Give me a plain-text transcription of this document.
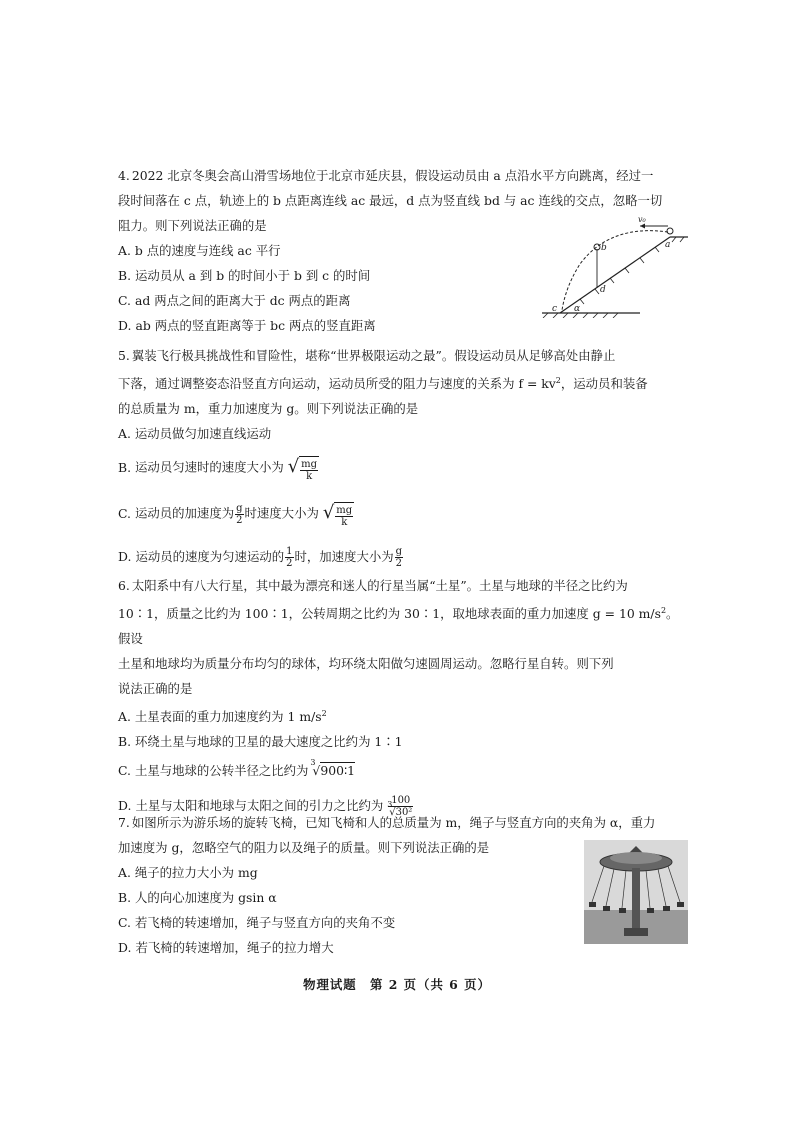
4. 2022 北京冬奥会高山滑雪场地位于北京市延庆县，假设运动员由 a 点沿水平方向跳离，经过一
段时间落在 c 点，轨迹上的 b 点距离连线 ac 最远，d 点为竖直线 bd 与 ac 连线的交点，忽略一切
阻力。则下列说法正确的是

A. b 点的速度与连线 ac 平行

B. 运动员从 a 到 b 的时间小于 b 到 c 的时间

C. ad 两点之间的距离大于 dc 两点的距离

D. ab 两点的竖直距离等于 bc 两点的竖直距离

v₀
a
b
d
c α

5. 翼装飞行极具挑战性和冒险性，堪称“世界极限运动之最”。假设运动员从足够高处由静止
下落，通过调整姿态沿竖直方向运动，运动员所受的阻力与速度的关系为 $f = kv^2$，运动员和装备
的总质量为 m，重力加速度为 g。则下列说法正确的是

A. 运动员做匀加速直线运动

B. 运动员匀速时的速度大小为 √ $\frac{mg}{k}$

C. 运动员的加速度为 $\frac{g}{2}$ 时速度大小为 √ $\frac{mg}{k}$

D. 运动员的速度为匀速运动的 $\frac{1}{2}$ 时，加速度大小为 $\frac{g}{2}$

6. 太阳系中有八大行星，其中最为漂亮和迷人的行星当属“土星”。土星与地球的半径之比约为
10∶1，质量之比约为 100∶1，公转周期之比约为 30∶1，取地球表面的重力加速度 g = 10 $m/s^2$。假设
土星和地球均为质量分布均匀的球体，均环绕太阳做匀速圆周运动。忽略行星自转。则下列
说法正确的是

A. 土星表面的重力加速度约为 1 $m/s^2$

B. 环绕土星与地球的卫星的最大速度之比约为 1∶1

C. 土星与地球的公转半径之比约为
3
√900∶1

D. 土星与太阳和地球与太阳之间的引力之比约为 100
3
√30²

7. 如图所示为游乐场的旋转飞椅，已知飞椅和人的总质量为 m，绳子与竖直方向的夹角为 α，重力
加速度为 g，忽略空气的阻力以及绳子的质量。则下列说法正确的是

A. 绳子的拉力大小为 mg

B. 人的向心加速度为 gsin α

C. 若飞椅的转速增加，绳子与竖直方向的夹角不变

D. 若飞椅的转速增加，绳子的拉力增大

物理试题　第 2 页（共 6 页）
